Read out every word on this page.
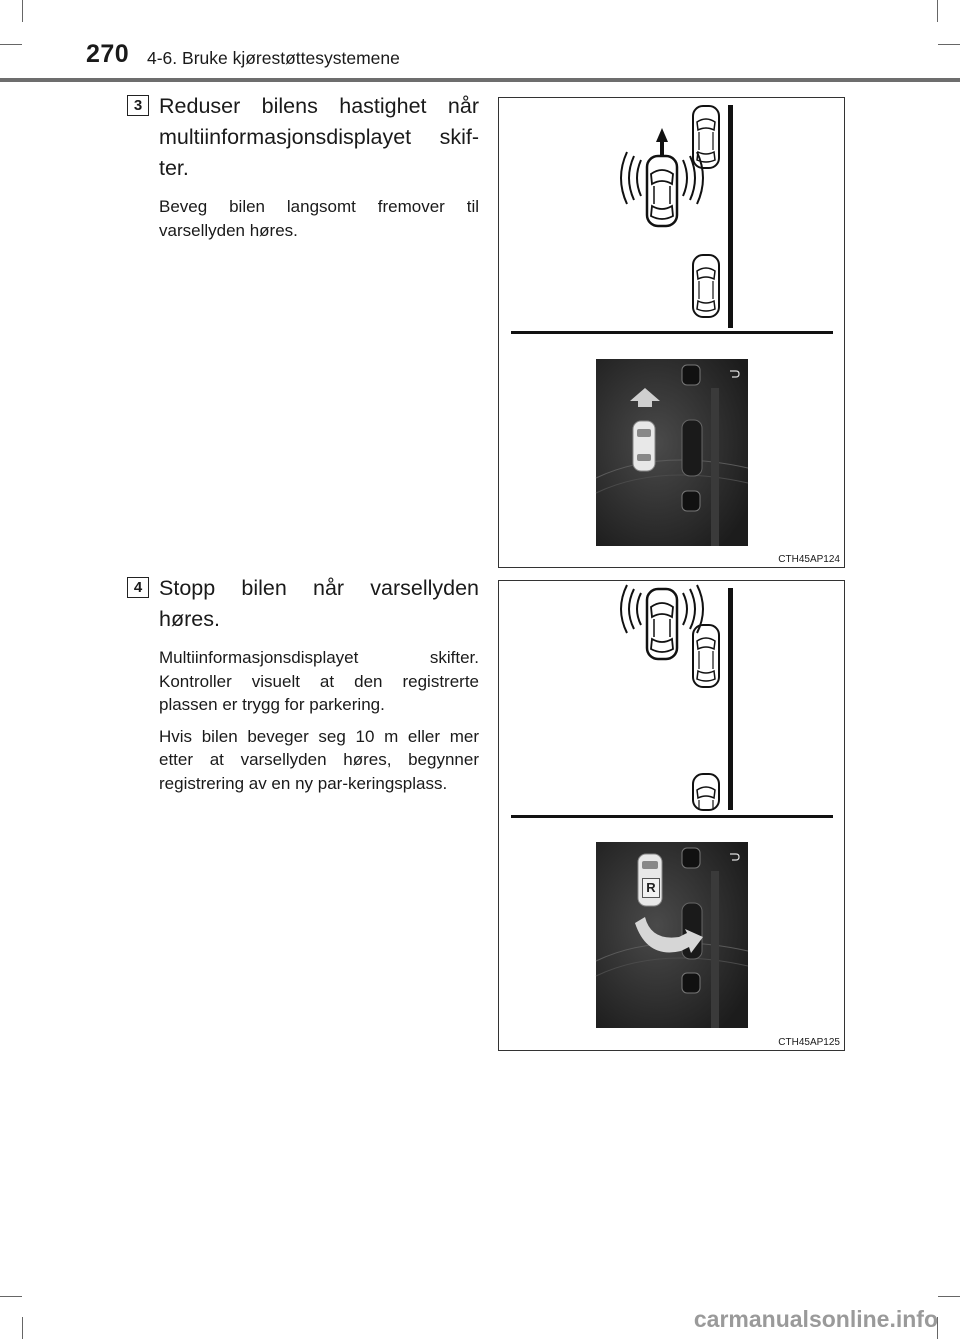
270 4-6. Bruke kjørestøttesystemene
3 Reduser bilens hastighet når
multiinformasjonsdisplayet skif-

ter.

Beveg bilen langsomt fremover til varsellyden høres.

CTH45AP124
4 Stopp bilen når varsellyden

høres.

Multiinformasjonsdisplayet skifter. Kontroller visuelt at den registrerte plassen er trygg for parkering.

Hvis bilen beveger seg 10 m eller mer etter at varsellyden høres, begynner registrering av en ny par-keringsplass.

R
CTH45AP125
carmanualsonline.info
